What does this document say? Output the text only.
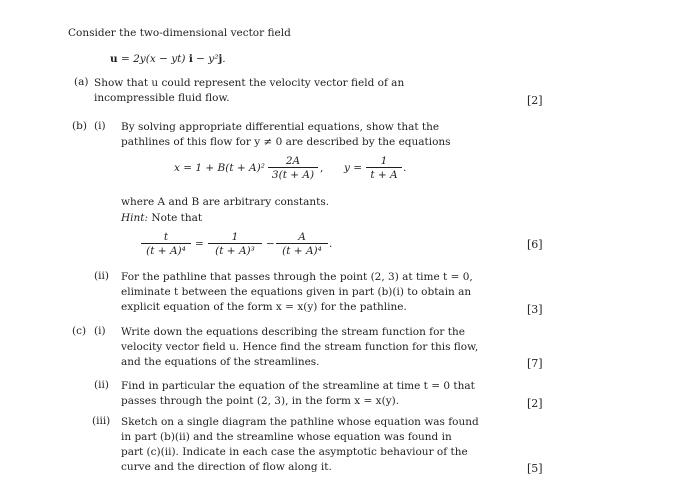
Consider the two-dimensional vector field
u = 2y(x − yt) i − y²j.
(a) Show that u could represent the velocity vector field of an
incompressible fluid flow.	[2]
(b) (i) By solving appropriate differential equations, show that the
pathlines of this flow for y ≠ 0 are described by the equations
x = 1 + B(t + A)² −
$\frac{2A}{3(t + A)}$ , $y = \frac{1}{t + A}$ .
where A and B are arbitrary constants.
Hint: Note that
$\frac{t}{\text{(t + A)⁴}} = \frac{1}{\text{(t + A)³}} - \frac{A}{\text{(t + A)⁴}}$ .	[6]
(ii) For the pathline that passes through the point (2, 3) at time t = 0,
eliminate t between the equations given in part (b)(i) to obtain an
explicit equation of the form x = x(y) for the pathline.	[3]
(c) (i) Write down the equations describing the stream function for the
velocity vector field u. Hence find the stream function for this flow,
and the equations of the streamlines.	[7]
(ii) Find in particular the equation of the streamline at time t = 0 that
passes through the point (2, 3), in the form x = x(y).	[2]
(iii) Sketch on a single diagram the pathline whose equation was found
in part (b)(ii) and the streamline whose equation was found in
part (c)(ii). Indicate in each case the asymptotic behaviour of the
curve and the direction of flow along it.	[5]
